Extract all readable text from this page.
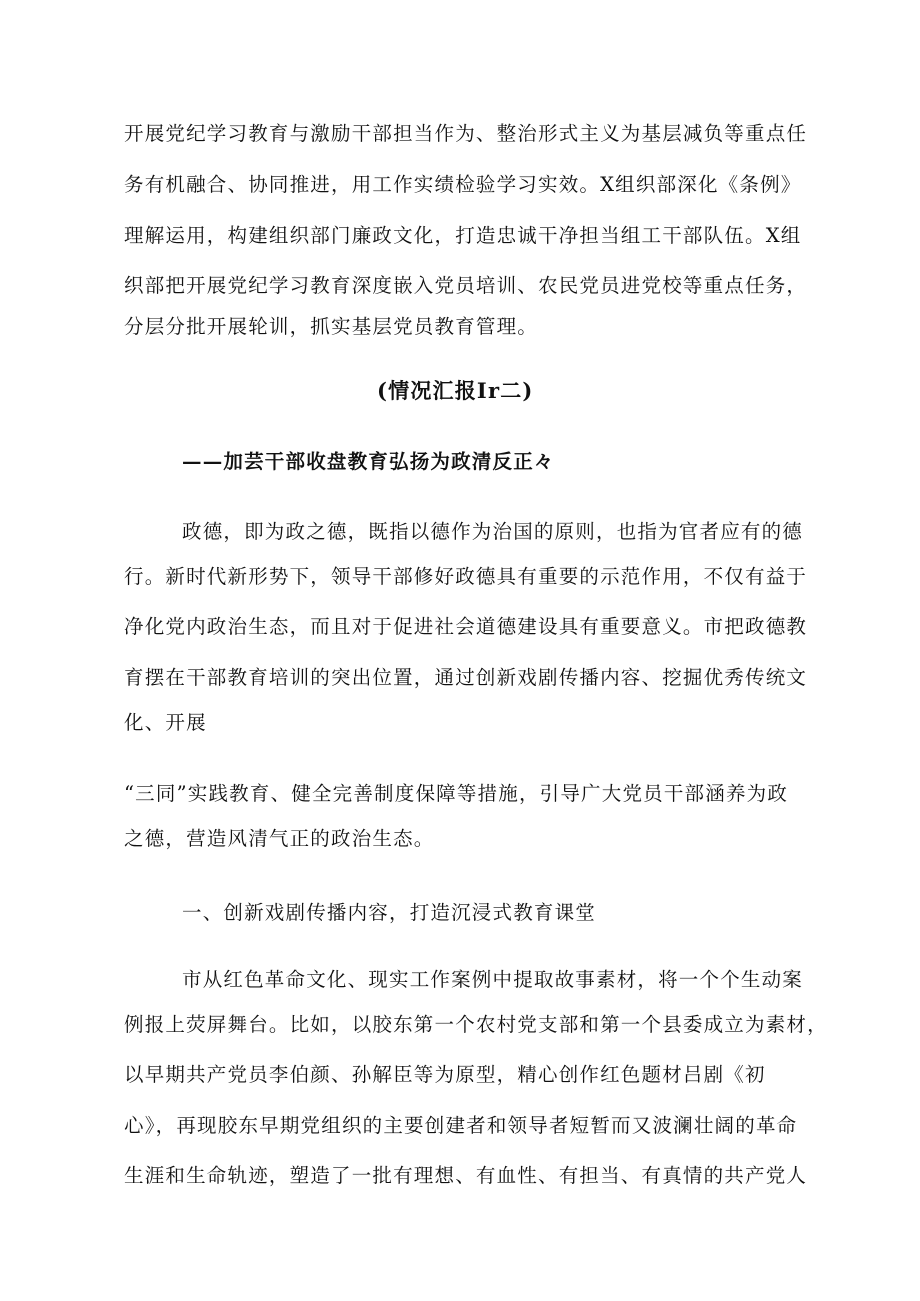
开展党纪学习教育与激励干部担当作为、整治形式主义为基层减负等重点任
务有机融合、协同推进，用工作实绩检验学习实效。X组织部深化《条例》
理解运用，构建组织部门廉政文化，打造忠诚干净担当组工干部队伍。X组
织部把开展党纪学习教育深度嵌入党员培训、农民党员进党校等重点任务，
分层分批开展轮训，抓实基层党员教育管理。
(情况汇报Ir二)
——加芸干部收盘教育弘扬为政清反正々
政德，即为政之德，既指以德作为治国的原则，也指为官者应有的德
行。新时代新形势下，领导干部修好政德具有重要的示范作用，不仅有益于
净化党内政治生态，而且对于促进社会道德建设具有重要意义。市把政德教
育摆在干部教育培训的突出位置，通过创新戏剧传播内容、挖掘优秀传统文
化、开展
“三同”实践教育、健全完善制度保障等措施，引导广大党员干部涵养为政
之德，营造风清气正的政治生态。
一、创新戏剧传播内容，打造沉浸式教育课堂
市从红色革命文化、现实工作案例中提取故事素材，将一个个生动案
例报上荧屏舞台。比如，以胶东第一个农村党支部和第一个县委成立为素材，
以早期共产党员李伯颜、孙解臣等为原型，精心创作红色题材吕剧《初
心》，再现胶东早期党组织的主要创建者和领导者短暂而又波澜壮阔的革命
生涯和生命轨迹，塑造了一批有理想、有血性、有担当、有真情的共产党人
